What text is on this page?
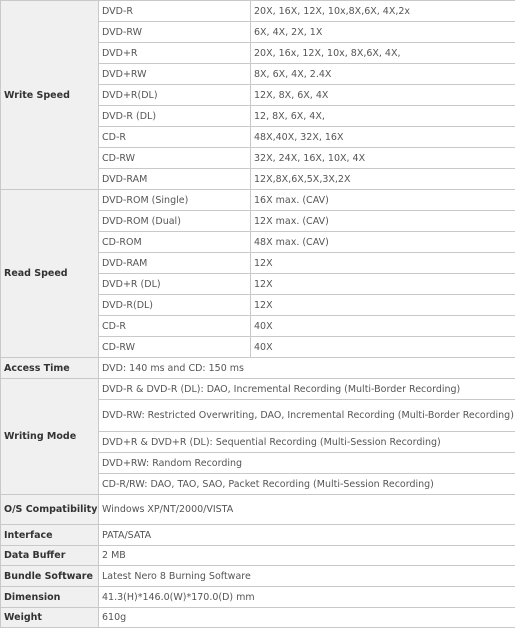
Write Speed	DVD-R	20X, 16X, 12X, 10x,8X,6X, 4X,2x
	DVD-RW	6X, 4X, 2X, 1X
	DVD+R	20X, 16x, 12X, 10x, 8X,6X, 4X,
	DVD+RW	8X, 6X, 4X, 2.4X
	DVD+R(DL)	12X, 8X, 6X, 4X
	DVD-R (DL)	12, 8X, 6X, 4X,
	CD-R	48X,40X, 32X, 16X
	CD-RW	32X, 24X, 16X, 10X, 4X
	DVD-RAM	12X,8X,6X,5X,3X,2X
Read Speed	DVD-ROM (Single)	16X max. (CAV)
	DVD-ROM (Dual)	12X max. (CAV)
	CD-ROM	48X max. (CAV)
	DVD-RAM	12X
	DVD+R (DL)	12X
	DVD-R(DL)	12X
	CD-R	40X
	CD-RW	40X
Access Time	DVD: 140 ms and CD: 150 ms	
Writing Mode	DVD-R & DVD-R (DL): DAO, Incremental Recording (Multi-Border Recording)	
	DVD-RW: Restricted Overwriting, DAO, Incremental Recording (Multi-Border Recording)	
	DVD+R & DVD+R (DL): Sequential Recording (Multi-Session Recording)	
	DVD+RW: Random Recording	
	CD-R/RW: DAO, TAO, SAO, Packet Recording (Multi-Session Recording)	
O/S Compatibility	Windows XP/NT/2000/VISTA	
Interface	PATA/SATA	
Data Buffer	2 MB	
Bundle Software	Latest Nero 8 Burning Software	
Dimension	41.3(H)*146.0(W)*170.0(D) mm	
Weight	610g	
